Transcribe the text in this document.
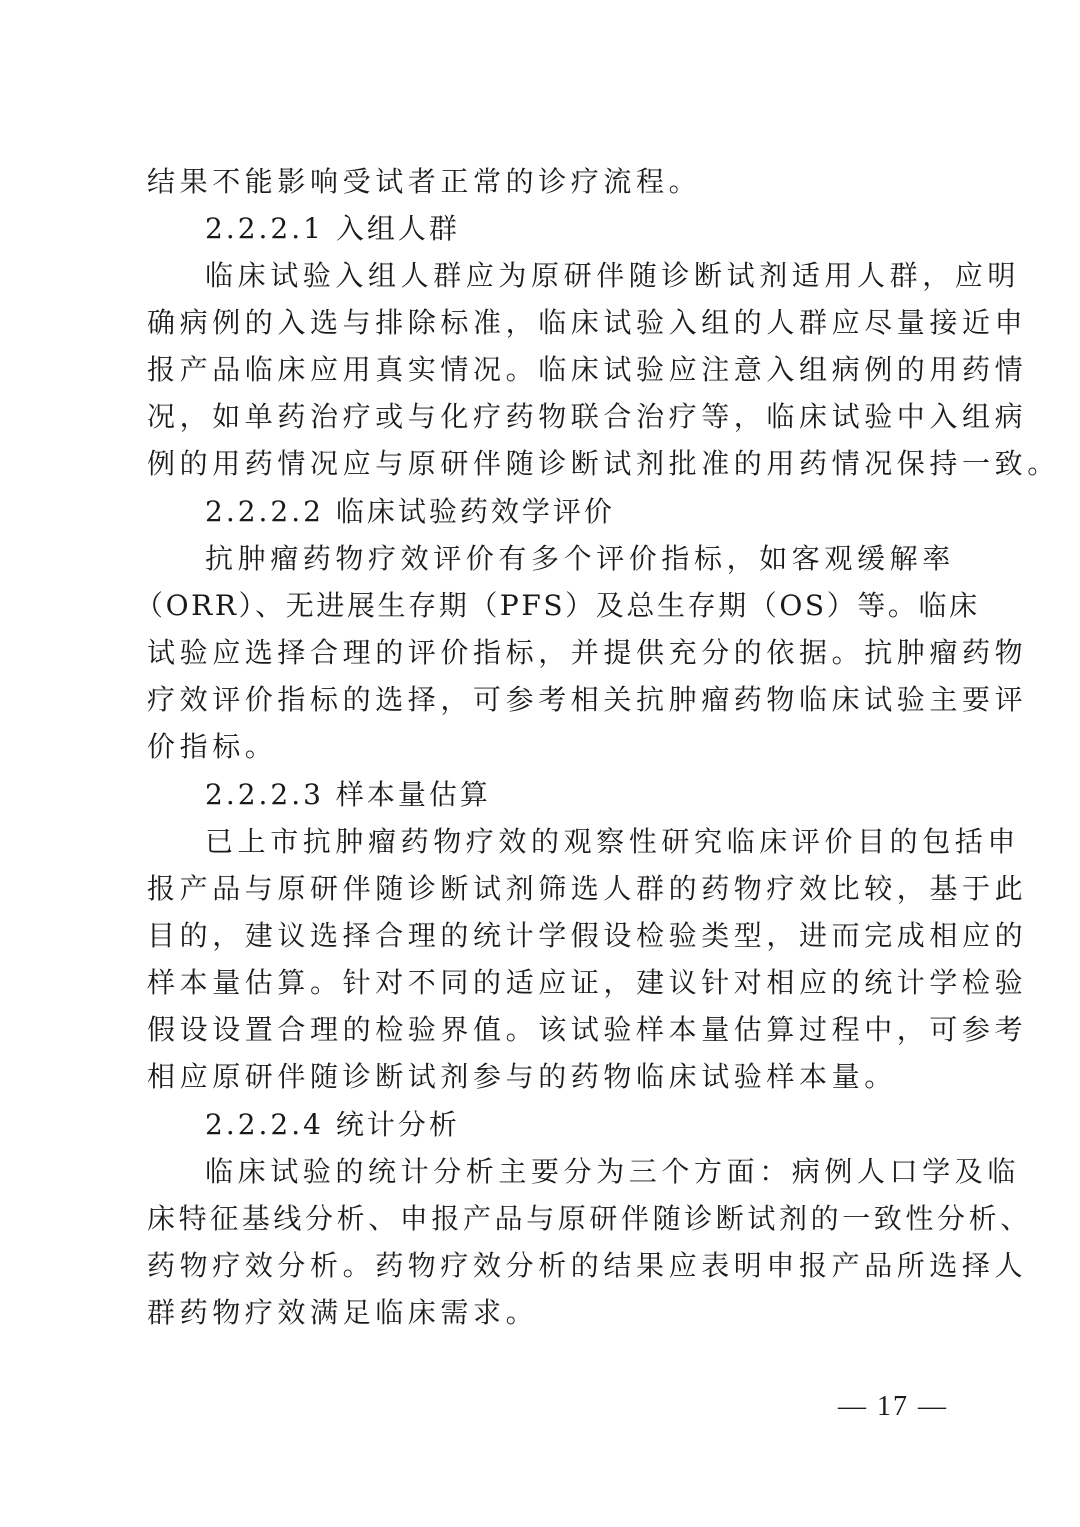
结果不能影响受试者正常的诊疗流程。
2.2.2.1 入组人群
临床试验入组人群应为原研伴随诊断试剂适用人群，应明
确病例的入选与排除标准，临床试验入组的人群应尽量接近申
报产品临床应用真实情况。临床试验应注意入组病例的用药情
况，如单药治疗或与化疗药物联合治疗等，临床试验中入组病
例的用药情况应与原研伴随诊断试剂批准的用药情况保持一致。
2.2.2.2 临床试验药效学评价
抗肿瘤药物疗效评价有多个评价指标，如客观缓解率
（ORR）、无进展生存期（PFS）及总生存期（OS）等。临床
试验应选择合理的评价指标，并提供充分的依据。抗肿瘤药物
疗效评价指标的选择，可参考相关抗肿瘤药物临床试验主要评
价指标。
2.2.2.3 样本量估算
已上市抗肿瘤药物疗效的观察性研究临床评价目的包括申
报产品与原研伴随诊断试剂筛选人群的药物疗效比较，基于此
目的，建议选择合理的统计学假设检验类型，进而完成相应的
样本量估算。针对不同的适应证，建议针对相应的统计学检验
假设设置合理的检验界值。该试验样本量估算过程中，可参考
相应原研伴随诊断试剂参与的药物临床试验样本量。
2.2.2.4 统计分析
临床试验的统计分析主要分为三个方面：病例人口学及临
床特征基线分析、申报产品与原研伴随诊断试剂的一致性分析、
药物疗效分析。药物疗效分析的结果应表明申报产品所选择人
群药物疗效满足临床需求。
— 17 —
